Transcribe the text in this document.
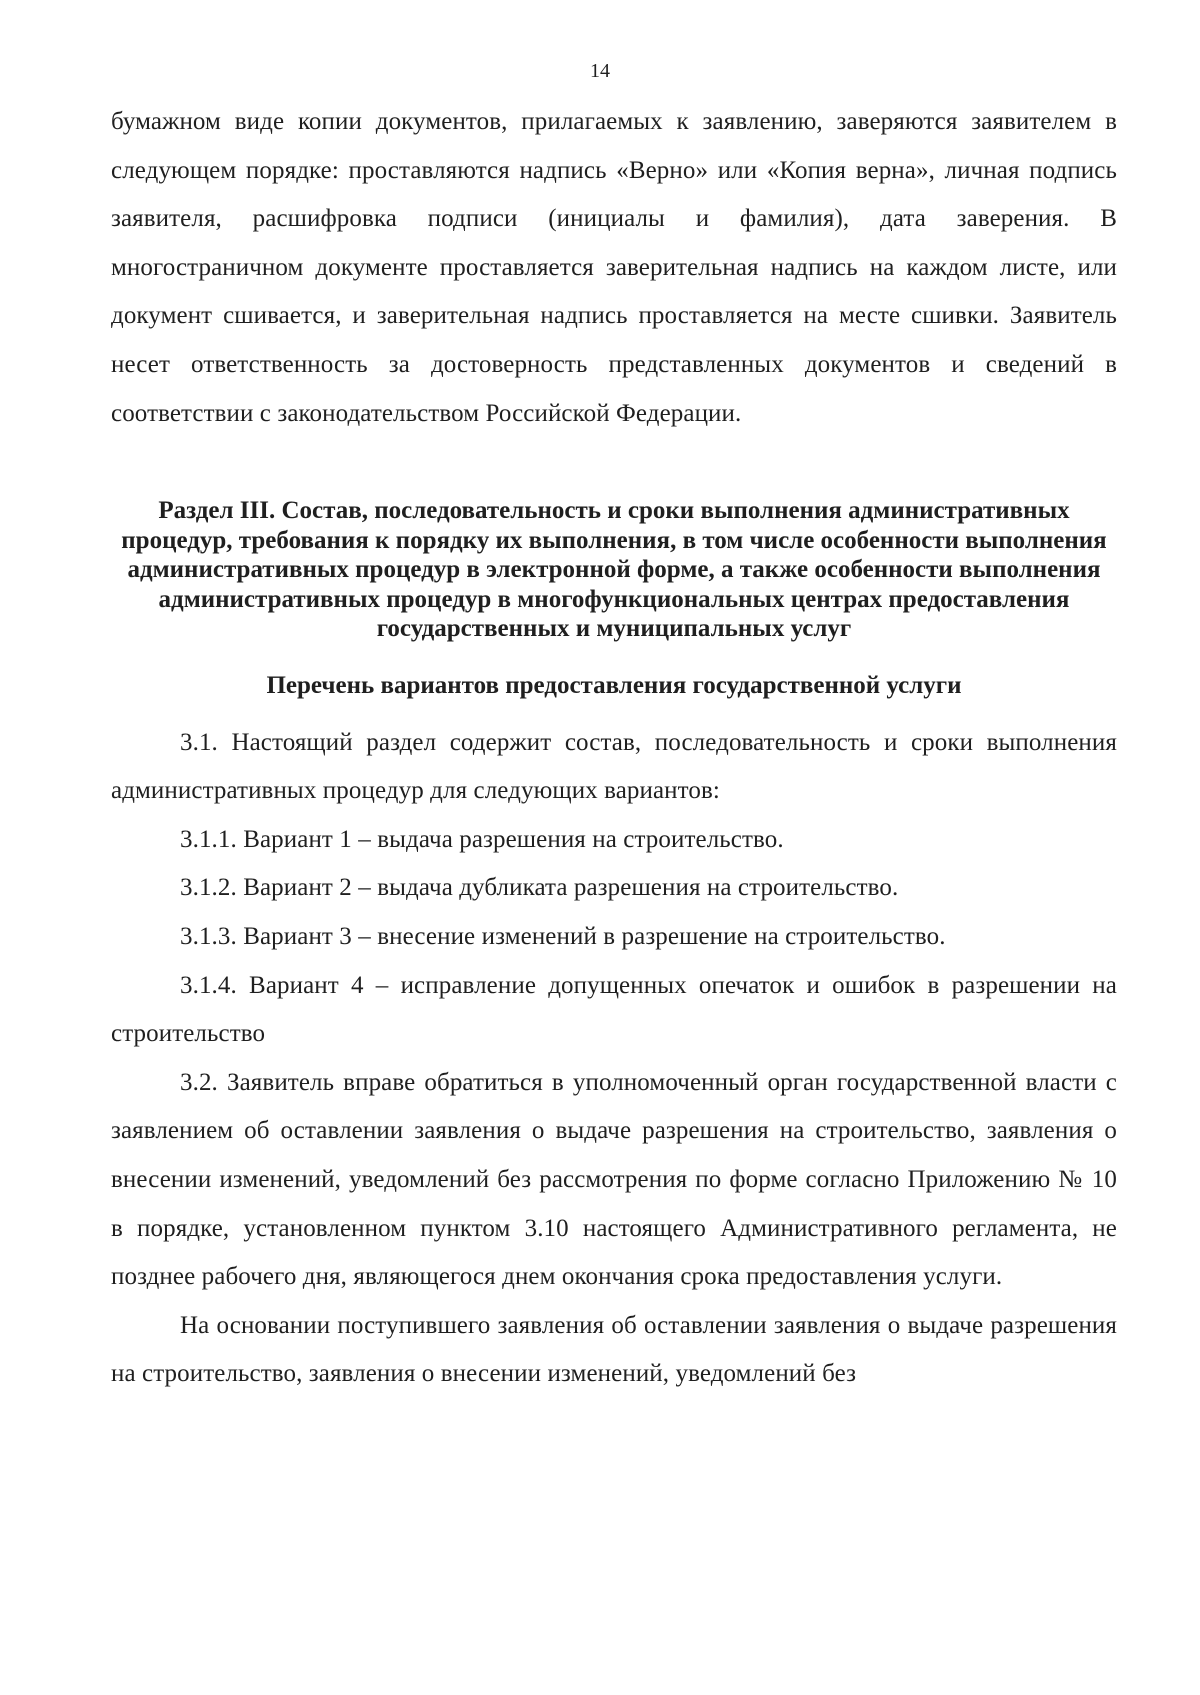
14

бумажном виде копии документов, прилагаемых к заявлению, заверяются заявителем в следующем порядке: проставляются надпись «Верно» или «Копия верна», личная подпись заявителя, расшифровка подписи (инициалы и фамилия), дата заверения. В многостраничном документе проставляется заверительная надпись на каждом листе, или документ сшивается, и заверительная надпись проставляется на месте сшивки. Заявитель несет ответственность за достоверность представленных документов и сведений в соответствии с законодательством Российской Федерации.

Раздел III. Состав, последовательность и сроки выполнения административных процедур, требования к порядку их выполнения, в том числе особенности выполнения административных процедур в электронной форме, а также особенности выполнения административных процедур в многофункциональных центрах предоставления государственных и муниципальных услуг
Перечень вариантов предоставления государственной услуги

3.1. Настоящий раздел содержит состав, последовательность и сроки выполнения административных процедур для следующих вариантов:

3.1.1. Вариант 1 – выдача разрешения на строительство.

3.1.2. Вариант 2 – выдача дубликата разрешения на строительство.

3.1.3. Вариант 3 – внесение изменений в разрешение на строительство.

3.1.4. Вариант 4 – исправление допущенных опечаток и ошибок в разрешении на строительство

3.2. Заявитель вправе обратиться в уполномоченный орган государственной власти с заявлением об оставлении заявления о выдаче разрешения на строительство, заявления о внесении изменений, уведомлений без рассмотрения по форме согласно Приложению № 10 в порядке, установленном пунктом 3.10 настоящего Административного регламента, не позднее рабочего дня, являющегося днем окончания срока предоставления услуги.

На основании поступившего заявления об оставлении заявления о выдаче разрешения на строительство, заявления о внесении изменений, уведомлений без
